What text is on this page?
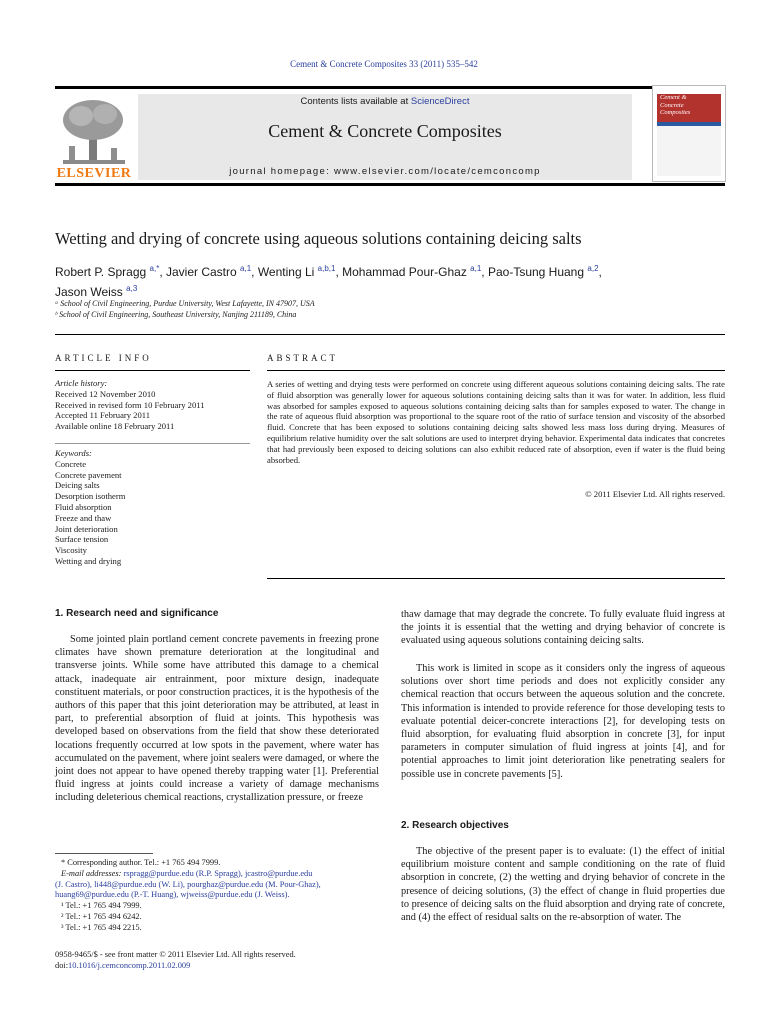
Cement & Concrete Composites 33 (2011) 535–542
ELSEVIER
Contents lists available at ScienceDirect
Cement & Concrete Composites
journal homepage: www.elsevier.com/locate/cemconcomp
Cement &
Concrete
Composites
Wetting and drying of concrete using aqueous solutions containing deicing salts
Robert P. Spragg $^{a,*}$, Javier Castro $^{a,1}$, Wenting Li $^{a,b,1}$, Mohammad Pour-Ghaz $^{a,1}$, Pao-Tsung Huang $^{a,2}$,
Jason Weiss $^{a,3}$
ᵃ School of Civil Engineering, Purdue University, West Lafayette, IN 47907, USA
ᵇ School of Civil Engineering, Southeast University, Nanjing 211189, China
ARTICLE INFO
Article history:
Received 12 November 2010
Received in revised form 10 February 2011
Accepted 11 February 2011
Available online 18 February 2011
Keywords:
Concrete
Concrete pavement
Deicing salts
Desorption isotherm
Fluid absorption
Freeze and thaw
Joint deterioration
Surface tension
Viscosity
Wetting and drying
ABSTRACT
A series of wetting and drying tests were performed on concrete using different aqueous solutions containing deicing salts. The rate of fluid absorption was generally lower for aqueous solutions containing deicing salts than it was for water. In addition, less fluid was absorbed for samples exposed to aqueous solutions containing deicing salts than for samples exposed to water. The change in the rate of aqueous fluid absorption was proportional to the square root of the ratio of surface tension and viscosity of the absorbed fluid. Concrete that has been exposed to solutions containing deicing salts showed less mass loss during drying. Measures of equilibrium relative humidity over the salt solutions are used to interpret drying behavior. Experimental data indicates that concretes that had previously been exposed to deicing solutions can also exhibit reduced rate of absorption, even if water is the fluid being absorbed.
© 2011 Elsevier Ltd. All rights reserved.
1. Research need and significance
Some jointed plain portland cement concrete pavements in freezing prone climates have shown premature deterioration at the longitudinal and transverse joints. While some have attributed this damage to a chemical attack, inadequate air entrainment, poor mixture design, inadequate constituent materials, or poor construction practices, it is the hypothesis of the authors of this paper that this joint deterioration may be attributed, at least in part, to preferential absorption of fluid at joints. This hypothesis was developed based on observations from the field that show these deteriorated locations frequently occurred at low spots in the pavement, where water has accumulated on the pavement, where joint sealers were damaged, or where the joint does not appear to have opened thereby trapping water [1]. Preferential fluid ingress at joints could increase a variety of damage mechanisms including deleterious chemical reactions, crystallization pressure, or freeze
* Corresponding author. Tel.: +1 765 494 7999.
E-mail addresses: rspragg@purdue.edu (R.P. Spragg), jcastro@purdue.edu
(J. Castro), li448@purdue.edu (W. Li), pourghaz@purdue.edu (M. Pour-Ghaz),
huang69@purdue.edu (P.-T. Huang), wjweiss@purdue.edu (J. Weiss).
¹ Tel.: +1 765 494 7999.
² Tel.: +1 765 494 6242.
³ Tel.: +1 765 494 2215.
0958-9465/$ - see front matter © 2011 Elsevier Ltd. All rights reserved.
doi:10.1016/j.cemconcomp.2011.02.009
thaw damage that may degrade the concrete. To fully evaluate fluid ingress at the joints it is essential that the wetting and drying behavior of concrete is evaluated using aqueous solutions containing deicing salts.
This work is limited in scope as it considers only the ingress of aqueous solutions over short time periods and does not explicitly consider any chemical reaction that occurs between the aqueous solution and the concrete. This information is intended to provide reference for those developing tests to evaluate potential deicer-concrete interactions [2], for developing tests on fluid absorption, for evaluating fluid absorption in concrete [3], for input parameters in computer simulation of fluid ingress at joints [4], and for potential approaches to limit joint deterioration like penetrating sealers for possible use in concrete pavements [5].
2. Research objectives
The objective of the present paper is to evaluate: (1) the effect of initial equilibrium moisture content and sample conditioning on the rate of fluid absorption in concrete, (2) the wetting and drying behavior of concrete in the presence of deicing solutions, (3) the effect of change in fluid properties due to presence of deicing salts on the fluid absorption and drying rate of concrete, and (4) the effect of residual salts on the re-absorption of water. The
